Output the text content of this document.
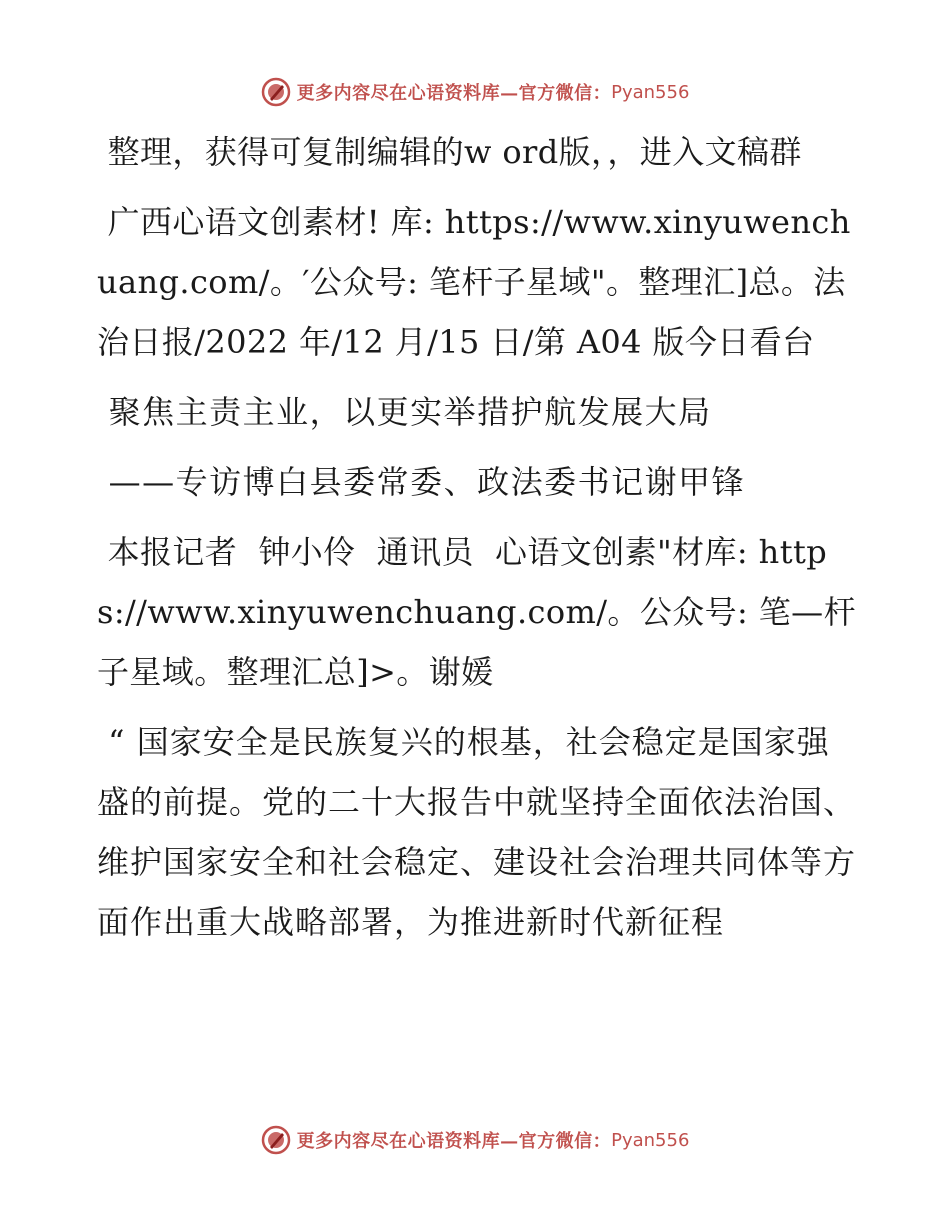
更多内容尽在心语资料库—官方微信： Pyan556

整理，获得可复制编辑的w ord版，，进入文稿群

广西心语文创素材! 库: https://www.xinyuwenchuang.com/。′公众号: 笔杆子星域"。整理汇]总。法治日报/2022 年/12 月/15 日/第 A04 版今日看台

聚焦主责主业，以更实举措护航发展大局

——专访博白县委常委、政法委书记谢甲锋

本报记者  钟小伶  通讯员  心语文创素"材库: https://www.xinyuwenchuang.com/。公众号: 笔—杆子星域。整理汇总]>。谢媛

“ 国家安全是民族复兴的根基，社会稳定是国家强盛的前提。党的二十大报告中就坚持全面依法治国、维护国家安全和社会稳定、建设社会治理共同体等方面作出重大战略部署，为推进新时代新征程

更多内容尽在心语资料库—官方微信： Pyan556
